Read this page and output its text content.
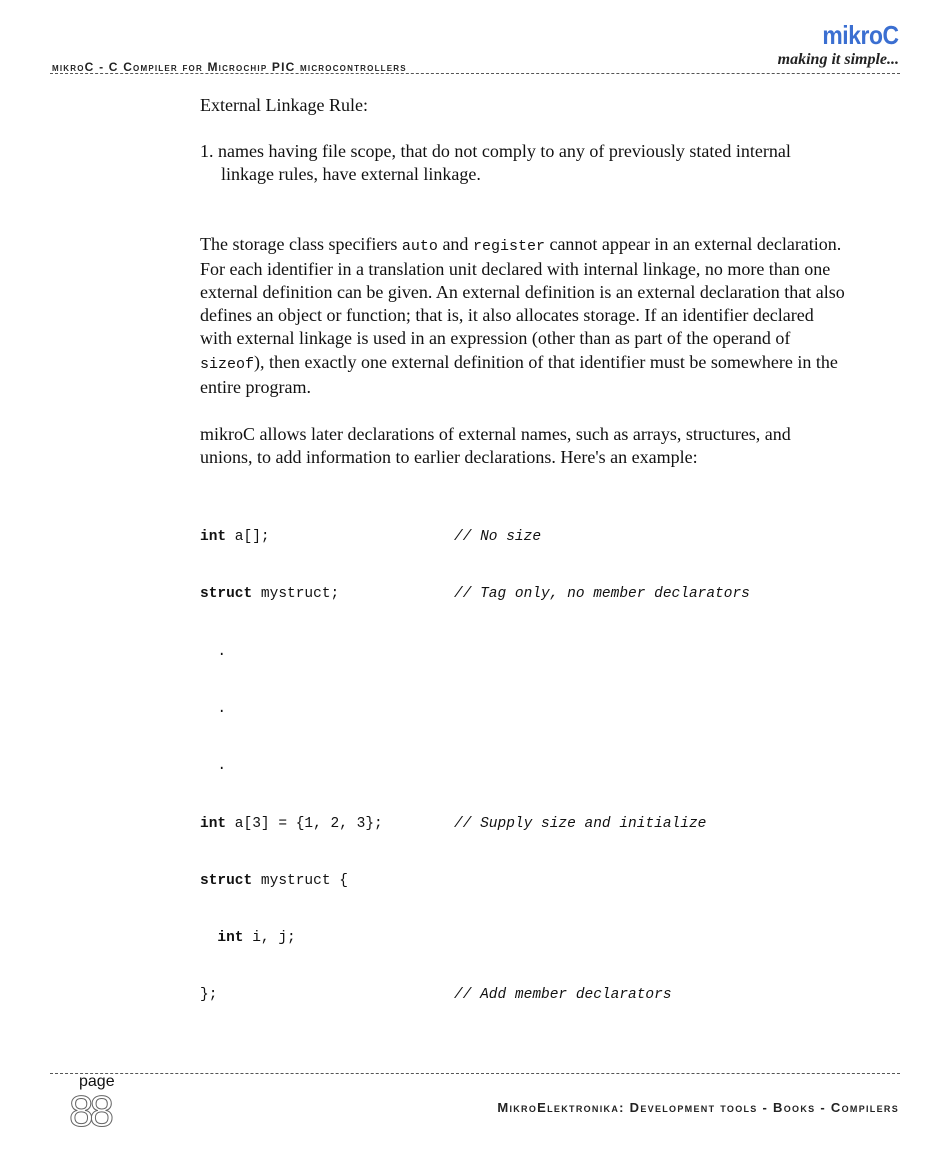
mikroC - C Compiler for Microchip PIC microcontrollers
mikroC
making it simple...

External Linkage Rule:

1. names having file scope, that do not comply to any of previously stated internal linkage rules, have external linkage.

The storage class specifiers auto and register cannot appear in an external declaration. For each identifier in a translation unit declared with internal linkage, no more than one external definition can be given. An external definition is an external declaration that also defines an object or function; that is, it also allocates storage. If an identifier declared with external linkage is used in an expression (other than as part of the operand of sizeof), then exactly one external definition of that identifier must be somewhere in the entire program.

mikroC allows later declarations of external names, such as arrays, structures, and unions, to add information to earlier declarations. Here's an example:

int a[];	// No size

struct mystruct;	// Tag only, no member declarators

.

.

.

int a[3] = {1, 2, 3};	// Supply size and initialize

struct mystruct {

int i, j;

};	// Add member declarators

page
88	MikroElektronika: Development tools - Books - Compilers
